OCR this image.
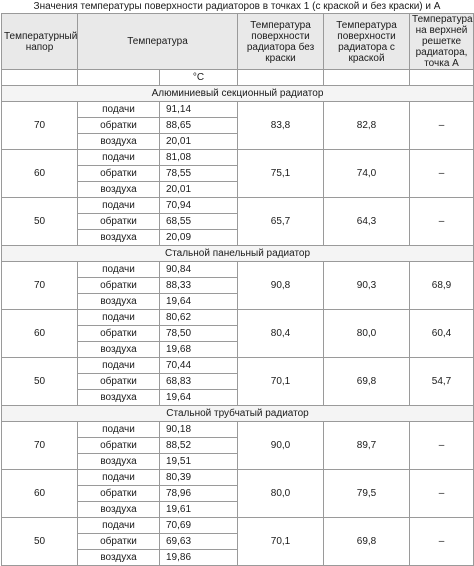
Значения температуры поверхности радиаторов в точках 1 (с краской и без краски) и A
Температурный напор	Температура		Температура поверхности радиатора без краски	Температура поверхности радиатора с краской	Температура на верхней решетке радиатора, точка A
		°С			
Алюминиевый секционный радиатор					
70	подачи	91,14	83,8	82,8	–
	обратки	88,65			
	воздуха	20,01			
60	подачи	81,08	75,1	74,0	–
	обратки	78,55			
	воздуха	20,01			
50	подачи	70,94	65,7	64,3	–
	обратки	68,55			
	воздуха	20,09			
Стальной панельный радиатор					
70	подачи	90,84	90,8	90,3	68,9
	обратки	88,33			
	воздуха	19,64			
60	подачи	80,62	80,4	80,0	60,4
	обратки	78,50			
	воздуха	19,68			
50	подачи	70,44	70,1	69,8	54,7
	обратки	68,83			
	воздуха	19,64			
Стальной трубчатый радиатор					
70	подачи	90,18	90,0	89,7	–
	обратки	88,52			
	воздуха	19,51			
60	подачи	80,39	80,0	79,5	–
	обратки	78,96			
	воздуха	19,61			
50	подачи	70,69	70,1	69,8	–
	обратки	69,63			
	воздуха	19,86			
